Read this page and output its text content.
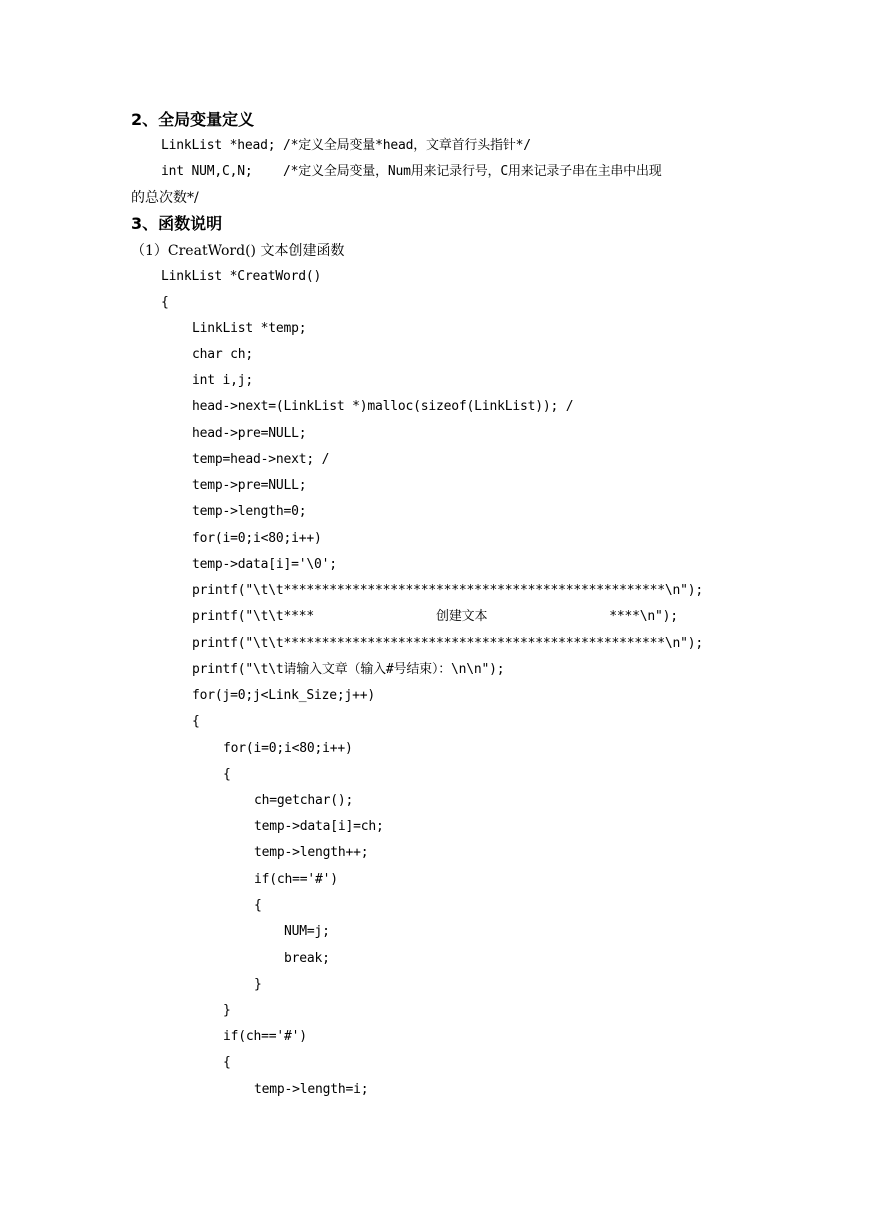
2、全局变量定义
LinkList *head; /*定义全局变量*head，文章首行头指针*/
int NUM,C,N;    /*定义全局变量，Num用来记录行号，C用来记录子串在主串中出现
的总次数*/
3、函数说明
（1）CreatWord() 文本创建函数
LinkList *CreatWord()
{
LinkList *temp;
char ch;
int i,j;
head->next=(LinkList *)malloc(sizeof(LinkList)); /
head->pre=NULL;
temp=head->next; /
temp->pre=NULL;
temp->length=0;
for(i=0;i<80;i++)
temp->data[i]='\0';
printf("\t\t**************************************************\n");
printf("\t\t****                创建文本                ****\n");
printf("\t\t**************************************************\n");
printf("\t\t请输入文章（输入#号结束）：\n\n");
for(j=0;j<Link_Size;j++)
{
for(i=0;i<80;i++)
{
ch=getchar();
temp->data[i]=ch;
temp->length++;
if(ch=='#')
{
NUM=j;
break;
}
}
if(ch=='#')
{
temp->length=i;
